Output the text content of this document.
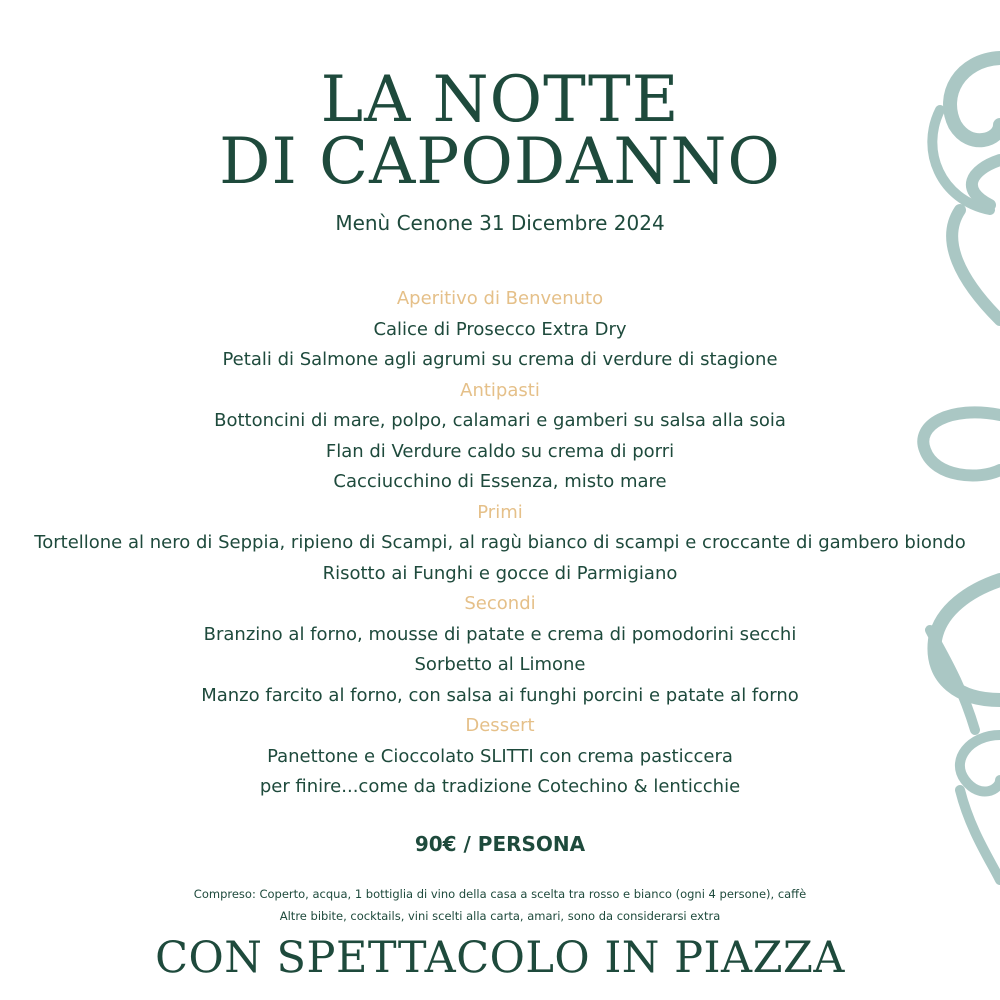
LA NOTTE
DI CAPODANNO
Menù Cenone 31 Dicembre 2024
Aperitivo di Benvenuto
Calice di Prosecco Extra Dry
Petali di Salmone agli agrumi su crema di verdure di stagione
Antipasti
Bottoncini di mare, polpo, calamari e gamberi su salsa alla soia
Flan di Verdure caldo su crema di porri
Cacciucchino di Essenza, misto mare
Primi
Tortellone al nero di Seppia, ripieno di Scampi, al ragù bianco di scampi e croccante di gambero biondo
Risotto ai Funghi e gocce di Parmigiano
Secondi
Branzino al forno, mousse di patate e crema di pomodorini secchi
Sorbetto al Limone
Manzo farcito al forno, con salsa ai funghi porcini e patate al forno
Dessert
Panettone e Cioccolato SLITTI con crema pasticcera
per finire...come da tradizione Cotechino & lenticchie
90€ / PERSONA
Compreso: Coperto, acqua, 1 bottiglia di vino della casa a scelta tra rosso e bianco (ogni 4 persone), caffè
Altre bibite, cocktails, vini scelti alla carta, amari, sono da considerarsi extra
CON SPETTACOLO IN PIAZZA
